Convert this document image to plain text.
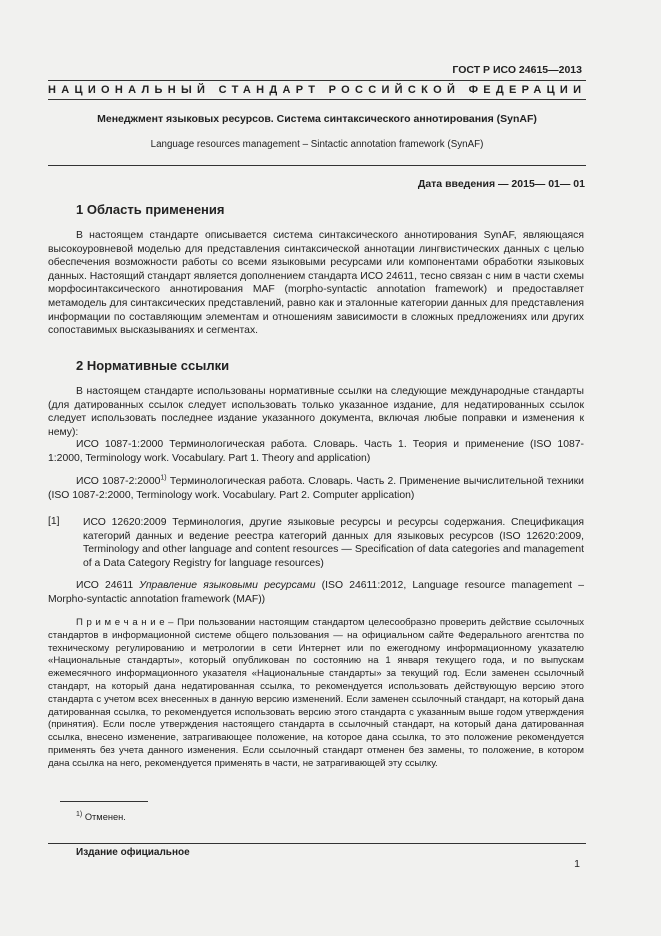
ГОСТ Р ИСО 24615—2013
НАЦИОНАЛЬНЫЙ СТАНДАРТ РОССИЙСКОЙ ФЕДЕРАЦИИ
Менеджмент языковых ресурсов. Система синтаксического аннотирования (SynAF)
Language resources management – Sintactic annotation framework (SynAF)
Дата введения — 2015— 01— 01
1 Область применения
В настоящем стандарте описывается система синтаксического аннотирования SynAF, являющаяся высокоуровневой моделью для представления синтаксической аннотации лингвистических данных с целью обеспечения возможности работы со всеми языковыми ресурсами или компонентами обработки языковых данных. Настоящий стандарт является дополнением стандарта ИСО 24611, тесно связан с ним в части схемы морфосинтаксического аннотирования MAF (morpho-syntactic annotation framework) и предоставляет метамодель для синтаксических представлений, равно как и эталонные категории данных для представления информации по составляющим элементам и отношениям зависимости в сложных предложениях или других сопоставимых высказываниях и сегментах.
2 Нормативные ссылки
В настоящем стандарте использованы нормативные ссылки на следующие международные стандарты (для датированных ссылок следует использовать только указанное издание, для недатированных ссылок следует использовать последнее издание указанного документа, включая любые поправки и изменения к нему):
ИСО 1087-1:2000 Терминологическая работа. Словарь. Часть 1. Теория и применение (ISO 1087-1:2000, Terminology work. Vocabulary. Part 1. Theory and application)
ИСО 1087-2:2000$^{1)}$ Терминологическая работа. Словарь. Часть 2. Применение вычислительной техники (ISO 1087-2:2000, Terminology work. Vocabulary. Part 2. Computer application)
[1] ИСО 12620:2009 Терминология, другие языковые ресурсы и ресурсы содержания. Спецификация категорий данных и ведение реестра категорий данных для языковых ресурсов (ISO 12620:2009, Terminology and other language and content resources — Specification of data categories and management of a Data Category Registry for language resources)
ИСО 24611 Управление языковыми ресурсами (ISO 24611:2012, Language resource management – Morpho-syntactic annotation framework (MAF))
П р и м е ч а н и е – При пользовании настоящим стандартом целесообразно проверить действие ссылочных стандартов в информационной системе общего пользования — на официальном сайте Федерального агентства по техническому регулированию и метрологии в сети Интернет или по ежегодному информационному указателю «Национальные стандарты», который опубликован по состоянию на 1 января текущего года, и по выпускам ежемесячного информационного указателя «Национальные стандарты» за текущий год. Если заменен ссылочный стандарт, на который дана недатированная ссылка, то рекомендуется использовать действующую версию этого стандарта с учетом всех внесенных в данную версию изменений. Если заменен ссылочный стандарт, на который дана датированная ссылка, то рекомендуется использовать версию этого стандарта с указанным выше годом утверждения (принятия). Если после утверждения настоящего стандарта в ссылочный стандарт, на который дана датированная ссылка, внесено изменение, затрагивающее положение, на которое дана ссылка, то это положение рекомендуется применять без учета данного изменения. Если ссылочный стандарт отменен без замены, то положение, в котором дана ссылка на него, рекомендуется применять в части, не затрагивающей эту ссылку.
$^{1)}$ Отменен.
Издание официальное
1
